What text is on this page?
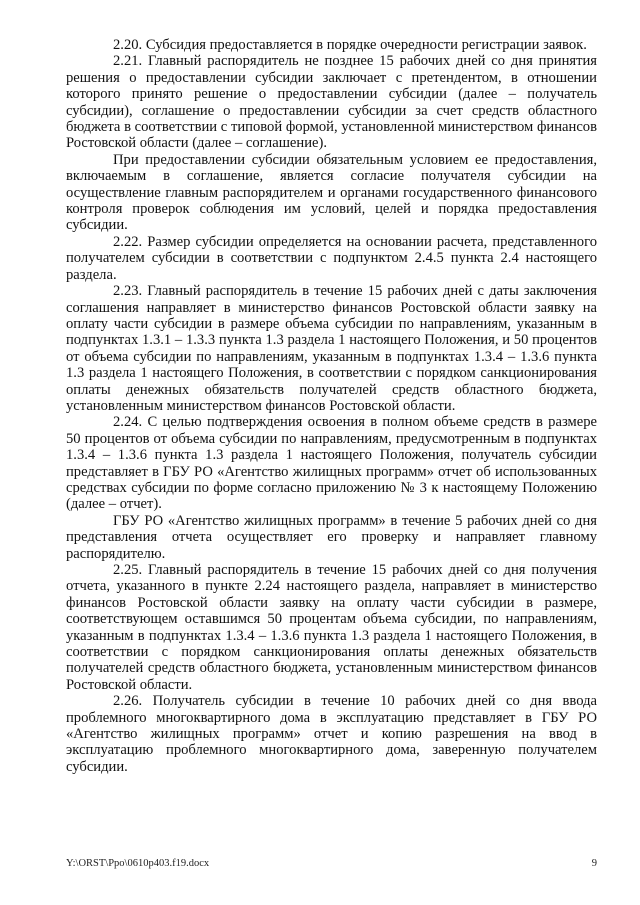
2.20. Субсидия предоставляется в порядке очередности регистрации заявок.

2.21. Главный распорядитель не позднее 15 рабочих дней со дня принятия решения о предоставлении субсидии заключает с претендентом, в отношении которого принято решение о предоставлении субсидии (далее – получатель субсидии), соглашение о предоставлении субсидии за счет средств областного бюджета в соответствии с типовой формой, установленной министерством финансов Ростовской области (далее – соглашение).

При предоставлении субсидии обязательным условием ее предоставления, включаемым в соглашение, является согласие получателя субсидии на осуществление главным распорядителем и органами государственного финансового контроля проверок соблюдения им условий, целей и порядка предоставления субсидии.

2.22. Размер субсидии определяется на основании расчета, представленного получателем субсидии в соответствии с подпунктом 2.4.5 пункта 2.4 настоящего раздела.

2.23. Главный распорядитель в течение 15 рабочих дней с даты заключения соглашения направляет в министерство финансов Ростовской области заявку на оплату части субсидии в размере объема субсидии по направлениям, указанным в подпунктах 1.3.1 – 1.3.3 пункта 1.3 раздела 1 настоящего Положения, и 50 процентов от объема субсидии по направлениям, указанным в подпунктах 1.3.4 – 1.3.6 пункта 1.3 раздела 1 настоящего Положения, в соответствии с порядком санкционирования оплаты денежных обязательств получателей средств областного бюджета, установленным министерством финансов Ростовской области.

2.24. С целью подтверждения освоения в полном объеме средств в размере 50 процентов от объема субсидии по направлениям, предусмотренным в подпунктах 1.3.4 – 1.3.6 пункта 1.3 раздела 1 настоящего Положения, получатель субсидии представляет в ГБУ РО «Агентство жилищных программ» отчет об использованных средствах субсидии по форме согласно приложению № 3 к настоящему Положению (далее – отчет).

ГБУ РО «Агентство жилищных программ» в течение 5 рабочих дней со дня представления отчета осуществляет его проверку и направляет главному распорядителю.

2.25. Главный распорядитель в течение 15 рабочих дней со дня получения отчета, указанного в пункте 2.24 настоящего раздела, направляет в министерство финансов Ростовской области заявку на оплату части субсидии в размере, соответствующем оставшимся 50 процентам объема субсидии, по направлениям, указанным в подпунктах 1.3.4 – 1.3.6 пункта 1.3 раздела 1 настоящего Положения, в соответствии с порядком санкционирования оплаты денежных обязательств получателей средств областного бюджета, установленным министерством финансов Ростовской области.

2.26. Получатель субсидии в течение 10 рабочих дней со дня ввода проблемного многоквартирного дома в эксплуатацию представляет в ГБУ РО «Агентство жилищных программ» отчет и копию разрешения на ввод в эксплуатацию проблемного многоквартирного дома, заверенную получателем субсидии.

Y:\ORST\Ppo\0610p403.f19.docx	9
